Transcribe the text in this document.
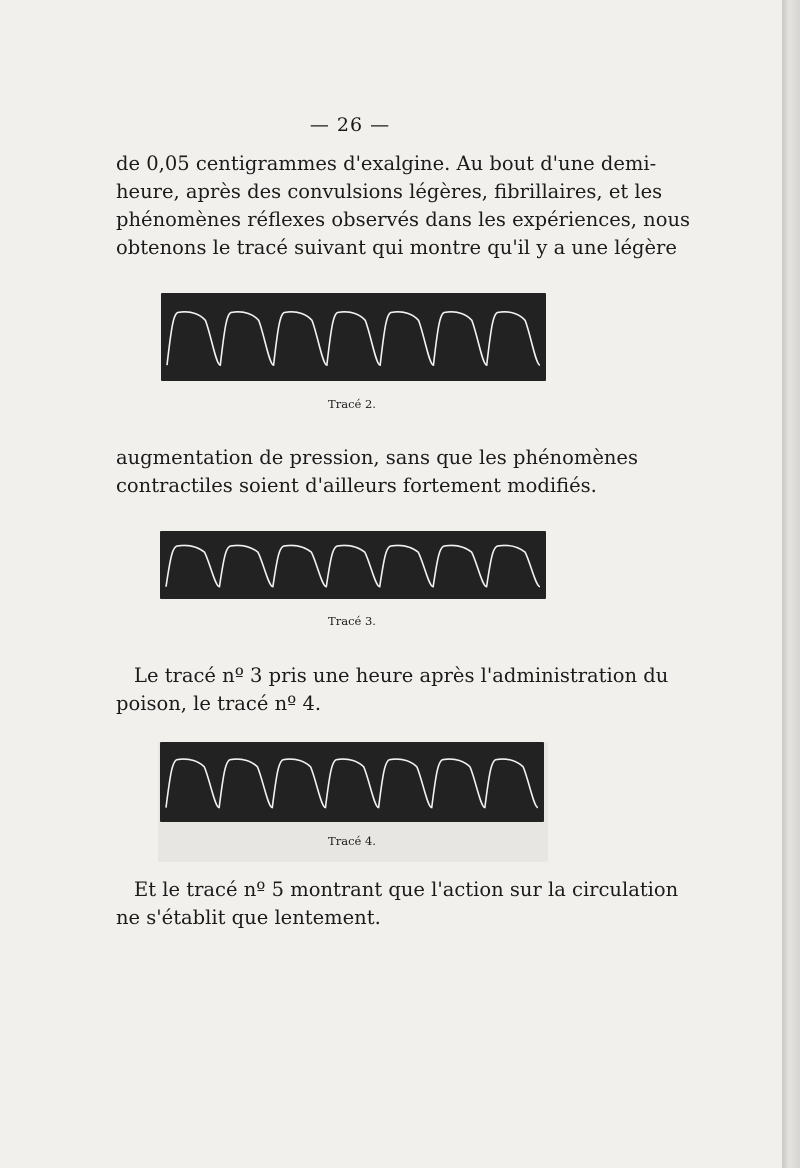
— 26 —

de 0,05 centigrammes d'exalgine. Au bout d'une demi-
heure, après des convulsions légères, fibrillaires, et les
phénomènes réflexes observés dans les expériences, nous
obtenons le tracé suivant qui montre qu'il y a une légère

Tracé 2.

augmentation de pression, sans que les phénomènes
contractiles soient d'ailleurs fortement modifiés.

Tracé 3.

Le tracé nº 3 pris une heure après l'administration du
poison, le tracé nº 4.

Tracé 4.

Et le tracé nº 5 montrant que l'action sur la circulation
ne s'établit que lentement.
